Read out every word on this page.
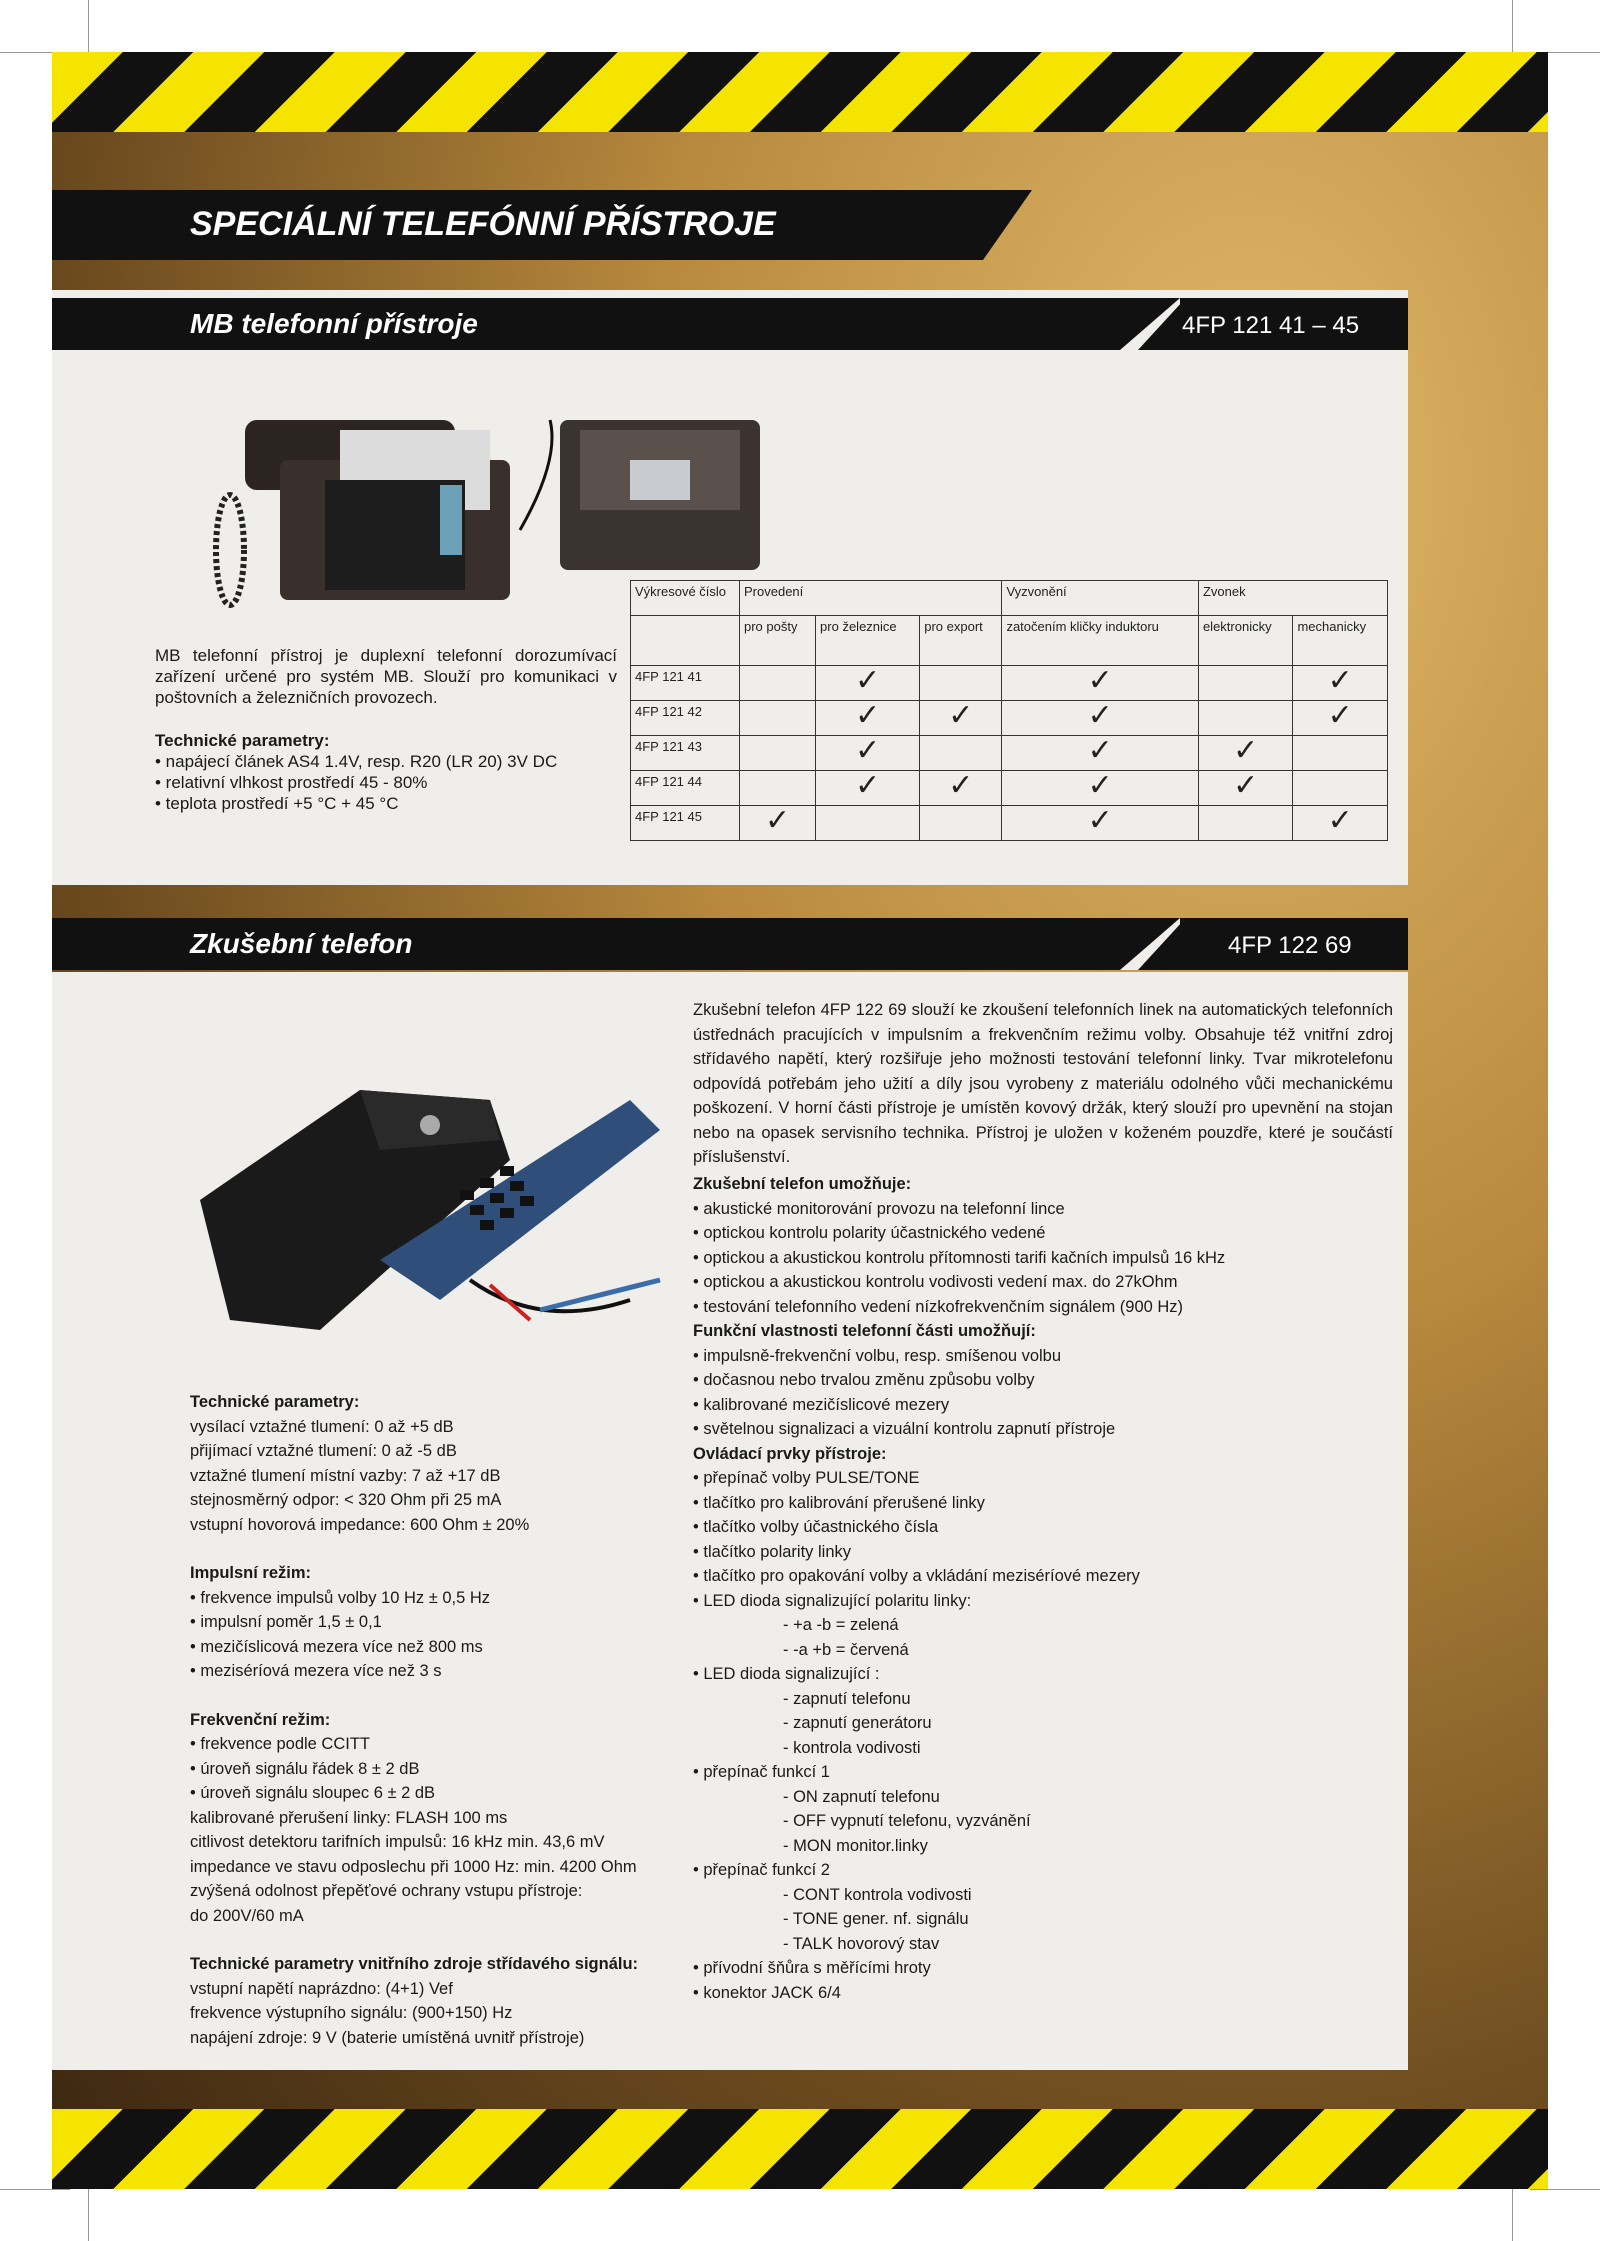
SPECIÁLNÍ TELEFÓNNÍ PŘÍSTROJE
MB telefonní přístroje	4FP 121 41 – 45
MB telefonní přístroj je duplexní telefonní dorozumívací zařízení určené pro systém MB. Slouží pro komunikaci v poštovních a železničních provozech.
Technické parametry:
• napájecí článek AS4 1.4V, resp. R20 (LR 20) 3V DC
• relativní vlhkost prostředí 45 - 80%
• teplota prostředí +5 °C + 45 °C
Výkresové číslo	Provedení			Vyzvonění	Zvonek	
	pro pošty	pro železnice	pro export	zatočením kličky induktoru	elektronicky	mechanicky
4FP 121 41		✓		✓		✓
4FP 121 42		✓	✓	✓		✓
4FP 121 43		✓		✓	✓	
4FP 121 44		✓	✓	✓	✓	
4FP 121 45	✓			✓		✓
Zkušební telefon	4FP 122 69
Technické parametry:
vysílací vztažné tlumení: 0 až +5 dB
přijímací vztažné tlumení: 0 až -5 dB
vztažné tlumení místní vazby: 7 až +17 dB
stejnosměrný odpor: < 320 Ohm při 25 mA
vstupní hovorová impedance: 600 Ohm ± 20%
Impulsní režim:
• frekvence impulsů volby 10 Hz ± 0,5 Hz
• impulsní poměr 1,5 ± 0,1
• mezičíslicová mezera více než 800 ms
• meziséríová mezera více než 3 s
Frekvenční režim:
• frekvence podle CCITT
• úroveň signálu řádek 8 ± 2 dB
• úroveň signálu sloupec 6 ± 2 dB
kalibrované přerušení linky: FLASH 100 ms
citlivost detektoru tarifních impulsů: 16 kHz min. 43,6 mV
impedance ve stavu odposlechu při 1000 Hz: min. 4200 Ohm
zvýšená odolnost přepěťové ochrany vstupu přístroje:
do 200V/60 mA
Technické parametry vnitřního zdroje střídavého signálu:
vstupní napětí naprázdno: (4+1) Vef
frekvence výstupního signálu: (900+150) Hz
napájení zdroje: 9 V (baterie umístěná uvnitř přístroje)
Zkušební telefon 4FP 122 69 slouží ke zkoušení telefonních linek na automatických telefonních ústřednách pracujících v impulsním a frekvenčním režimu volby. Obsahuje též vnitřní zdroj střídavého napětí, který rozšiřuje jeho možnosti testování telefonní linky. Tvar mikrotelefonu odpovídá potřebám jeho užití a díly jsou vyrobeny z materiálu odolného vůči mechanickému poškození. V horní části přístroje je umístěn kovový držák, který slouží pro upevnění na stojan nebo na opasek servisního technika. Přístroj je uložen v koženém pouzdře, které je součástí příslušenství.
Zkušební telefon umožňuje:
• akustické monitorování provozu na telefonní lince
• optickou kontrolu polarity účastnického vedené
• optickou a akustickou kontrolu přítomnosti tarifi kačních impulsů 16 kHz
• optickou a akustickou kontrolu vodivosti vedení max. do 27kOhm
• testování telefonního vedení nízkofrekvenčním signálem (900 Hz)
Funkční vlastnosti telefonní části umožňují:
• impulsně-frekvenční volbu, resp. smíšenou volbu
• dočasnou nebo trvalou změnu způsobu volby
• kalibrované mezičíslicové mezery
• světelnou signalizaci a vizuální kontrolu zapnutí přístroje
Ovládací prvky přístroje:
• přepínač volby PULSE/TONE
• tlačítko pro kalibrování přerušené linky
• tlačítko volby účastnického čísla
• tlačítko polarity linky
• tlačítko pro opakování volby a vkládání meziséríové mezery
• LED dioda signalizující polaritu linky:
- +a -b = zelená
- -a +b = červená
• LED dioda signalizující :
- zapnutí telefonu
- zapnutí generátoru
- kontrola vodivosti
• přepínač funkcí 1
- ON zapnutí telefonu
- OFF vypnutí telefonu, vyzvánění
- MON monitor.linky
• přepínač funkcí 2
- CONT kontrola vodivosti
- TONE gener. nf. signálu
- TALK hovorový stav
• přívodní šňůra s měřícími hroty
• konektor JACK 6/4
